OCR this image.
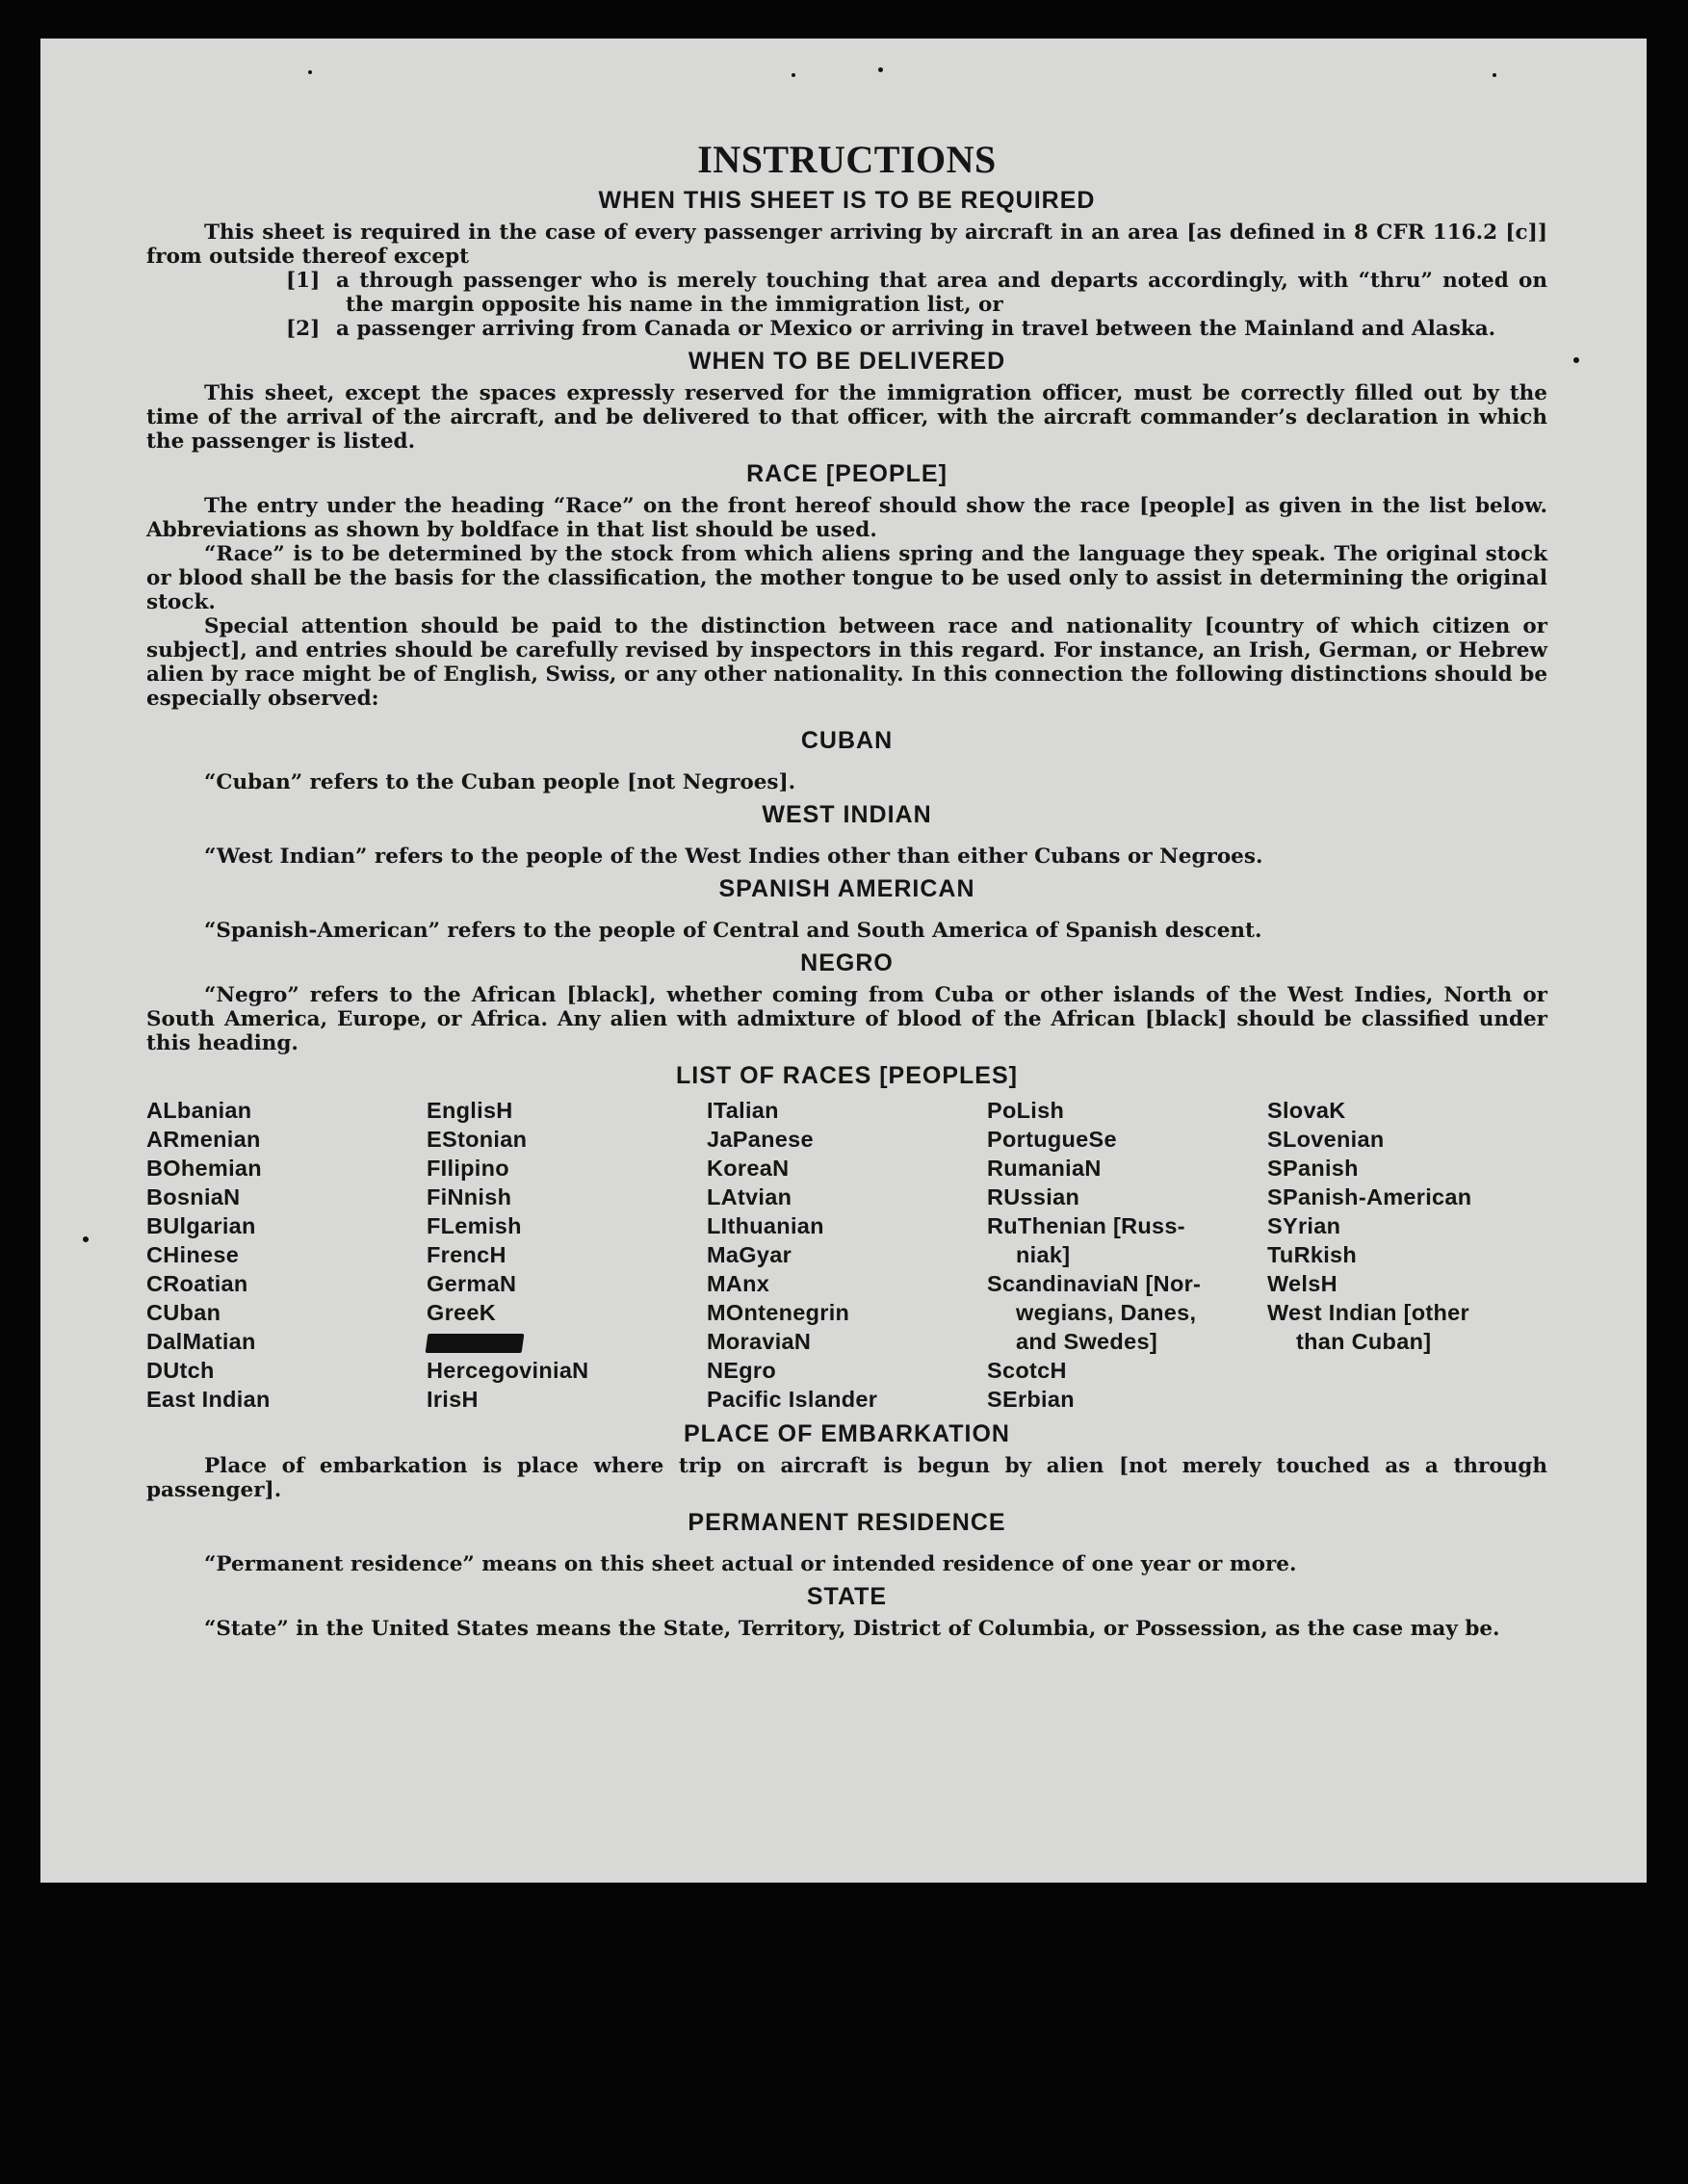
INSTRUCTIONS
WHEN THIS SHEET IS TO BE REQUIRED

This sheet is required in the case of every passenger arriving by aircraft in an area [as defined in 8 CFR 116.2 [c]] from outside thereof except

[1] a through passenger who is merely touching that area and departs accordingly, with “thru” noted on the margin opposite his name in the immigration list, or

[2] a passenger arriving from Canada or Mexico or arriving in travel between the Mainland and Alaska.

WHEN TO BE DELIVERED

This sheet, except the spaces expressly reserved for the immigration officer, must be correctly filled out by the time of the arrival of the aircraft, and be delivered to that officer, with the aircraft commander’s declaration in which the passenger is listed.

RACE [PEOPLE]

The entry under the heading “Race” on the front hereof should show the race [people] as given in the list below. Abbreviations as shown by boldface in that list should be used.

“Race” is to be determined by the stock from which aliens spring and the language they speak. The original stock or blood shall be the basis for the classification, the mother tongue to be used only to assist in determining the original stock.

Special attention should be paid to the distinction between race and nationality [country of which citizen or subject], and entries should be carefully revised by inspectors in this regard. For instance, an Irish, German, or Hebrew alien by race might be of English, Swiss, or any other nationality. In this connection the following distinctions should be especially observed:

CUBAN

“Cuban” refers to the Cuban people [not Negroes].

WEST INDIAN

“West Indian” refers to the people of the West Indies other than either Cubans or Negroes.

SPANISH AMERICAN

“Spanish-American” refers to the people of Central and South America of Spanish descent.

NEGRO

“Negro” refers to the African [black], whether coming from Cuba or other islands of the West Indies, North or South America, Europe, or Africa. Any alien with admixture of blood of the African [black] should be classified under this heading.

LIST OF RACES [PEOPLES]
ALbanian
ARmenian
BOhemian
BosniaN
BUlgarian
CHinese
CRoatian
CUban
DalMatian
DUtch
East Indian
EnglisH
EStonian
FIlipino
FiNnish
FLemish
FrencH
GermaN
GreeK
HercegoviniaN
IrisH
ITalian
JaPanese
KoreaN
LAtvian
LIthuanian
MaGyar
MAnx
MOntenegrin
MoraviaN
NEgro
Pacific Islander
PoLish
PortugueSe
RumaniaN
RUssian
RuThenian [Russ-
niak]
ScandinaviaN [Nor-
wegians, Danes,
and Swedes]
ScotcH
SErbian
SlovaK
SLovenian
SPanish
SPanish-American
SYrian
TuRkish
WelsH
West Indian [other
than Cuban]
PLACE OF EMBARKATION

Place of embarkation is place where trip on aircraft is begun by alien [not merely touched as a through passenger].

PERMANENT RESIDENCE

“Permanent residence” means on this sheet actual or intended residence of one year or more.

STATE

“State” in the United States means the State, Territory, District of Columbia, or Possession, as the case may be.
